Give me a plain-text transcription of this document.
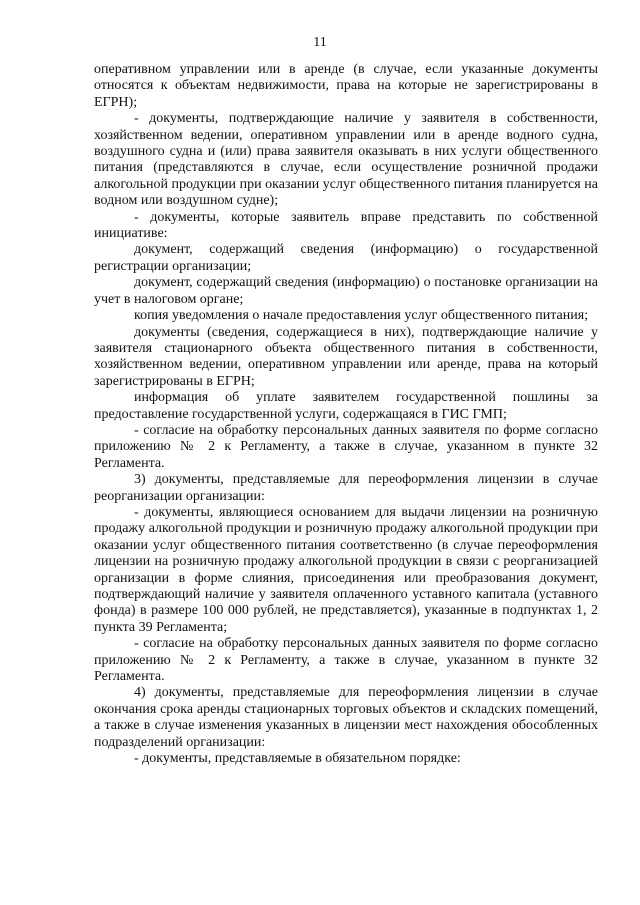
11

оперативном управлении или в аренде (в случае, если указанные документы относятся к объектам недвижимости, права на которые не зарегистрированы в ЕГРН);

- документы, подтверждающие наличие у заявителя в собственности, хозяйственном ведении, оперативном управлении или в аренде водного судна, воздушного судна и (или) права заявителя оказывать в них услуги общественного питания (представляются в случае, если осуществление розничной продажи алкогольной продукции при оказании услуг общественного питания планируется на водном или воздушном судне);

- документы, которые заявитель вправе представить по собственной инициативе:

документ, содержащий сведения (информацию) о государственной регистрации организации;

документ, содержащий сведения (информацию) о постановке организации на учет в налоговом органе;

копия уведомления о начале предоставления услуг общественного питания;

документы (сведения, содержащиеся в них), подтверждающие наличие у заявителя стационарного объекта общественного питания в собственности, хозяйственном ведении, оперативном управлении или аренде, права на который зарегистрированы в ЕГРН;

информация об уплате заявителем государственной пошлины за предоставление государственной услуги, содержащаяся в ГИС ГМП;

- согласие на обработку персональных данных заявителя по форме согласно приложению № 2 к Регламенту, а также в случае, указанном в пункте 32 Регламента.

3) документы, представляемые для переоформления лицензии в случае реорганизации организации:

- документы, являющиеся основанием для выдачи лицензии на розничную продажу алкогольной продукции и розничную продажу алкогольной продукции при оказании услуг общественного питания соответственно (в случае переоформления лицензии на розничную продажу алкогольной продукции в связи с реорганизацией организации в форме слияния, присоединения или преобразования документ, подтверждающий наличие у заявителя оплаченного уставного капитала (уставного фонда) в размере 100 000 рублей, не представляется), указанные в подпунктах 1, 2 пункта 39 Регламента;

- согласие на обработку персональных данных заявителя по форме согласно приложению № 2 к Регламенту, а также в случае, указанном в пункте 32 Регламента.

4) документы, представляемые для переоформления лицензии в случае окончания срока аренды стационарных торговых объектов и складских помещений, а также в случае изменения указанных в лицензии мест нахождения обособленных подразделений организации:

- документы, представляемые в обязательном порядке:
